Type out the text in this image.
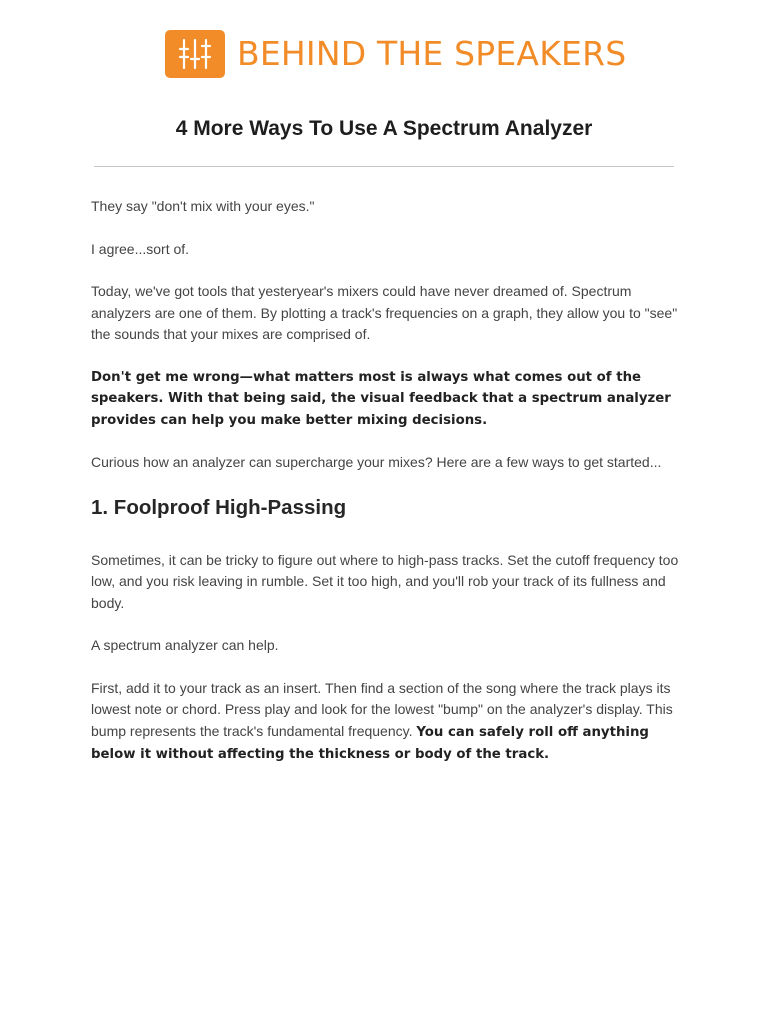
BEHIND THE SPEAKERS
4 More Ways To Use A Spectrum Analyzer

They say "don't mix with your eyes."

I agree...sort of.

Today, we've got tools that yesteryear's mixers could have never dreamed of. Spectrum analyzers are one of them. By plotting a track's frequencies on a graph, they allow you to "see" the sounds that your mixes are comprised of.

Don't get me wrong—what matters most is always what comes out of the speakers. With that being said, the visual feedback that a spectrum analyzer provides can help you make better mixing decisions.

Curious how an analyzer can supercharge your mixes? Here are a few ways to get started...

1. Foolproof High-Passing

Sometimes, it can be tricky to figure out where to high-pass tracks. Set the cutoff frequency too low, and you risk leaving in rumble. Set it too high, and you'll rob your track of its fullness and body.

A spectrum analyzer can help.

First, add it to your track as an insert. Then find a section of the song where the track plays its lowest note or chord. Press play and look for the lowest "bump" on the analyzer's display. This bump represents the track's fundamental frequency. You can safely roll off anything below it without affecting the thickness or body of the track.
